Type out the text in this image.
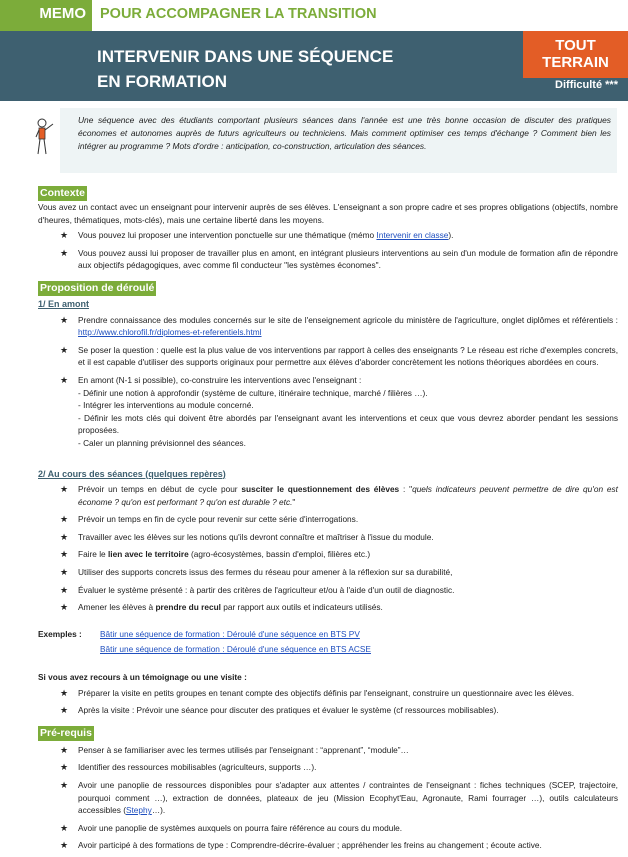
MEMO POUR ACCOMPAGNER LA TRANSITION
INTERVENIR DANS UNE SÉQUENCE
EN FORMATION
TOUT
TERRAIN
Difficulté ***
Une séquence avec des étudiants comportant plusieurs séances dans l'année est une très bonne occasion de discuter des pratiques économes et autonomes auprès de futurs agriculteurs ou techniciens. Mais comment optimiser ces temps d'échange ? Comment bien les intégrer au programme ? Mots d'ordre : anticipation, co-construction, articulation des séances.
Contexte
Vous avez un contact avec un enseignant pour intervenir auprès de ses élèves. L'enseignant a son propre cadre et ses propres obligations (objectifs, nombre d'heures, thématiques, mots-clés), mais une certaine liberté dans les moyens.
★ Vous pouvez lui proposer une intervention ponctuelle sur une thématique (mémo Intervenir en classe).
★ Vous pouvez aussi lui proposer de travailler plus en amont, en intégrant plusieurs interventions au sein d'un module de formation afin de répondre aux objectifs pédagogiques, avec comme fil conducteur "les systèmes économes".
Proposition de déroulé
1/ En amont
★ Prendre connaissance des modules concernés sur le site de l'enseignement agricole du ministère de l'agriculture, onglet diplômes et référentiels : http://www.chlorofil.fr/diplomes-et-referentiels.html
★ Se poser la question : quelle est la plus value de vos interventions par rapport à celles des enseignants ? Le réseau est riche d'exemples concrets, et il est capable d'utiliser des supports originaux pour permettre aux élèves d'aborder concrètement les notions théoriques abordées en cours.
★ En amont (N-1 si possible), co-construire les interventions avec l'enseignant :
- Définir une notion à approfondir (système de culture, itinéraire technique, marché / filières …).
- Intégrer les interventions au module concerné.
- Définir les mots clés qui doivent être abordés par l'enseignant avant les interventions et ceux que vous devrez aborder pendant les sessions proposées.
- Caler un planning prévisionnel des séances.
2/ Au cours des séances (quelques repères)
★ Prévoir un temps en début de cycle pour susciter le questionnement des élèves : "quels indicateurs peuvent permettre de dire qu'on est économe ? qu'on est performant ? qu'on est durable ? etc."
★ Prévoir un temps en fin de cycle pour revenir sur cette série d'interrogations.
★ Travailler avec les élèves sur les notions qu'ils devront connaître et maîtriser à l'issue du module.
★ Faire le lien avec le territoire (agro-écosystèmes, bassin d'emploi, filières etc.)
★ Utiliser des supports concrets issus des fermes du réseau pour amener à la réflexion sur sa durabilité,
★ Évaluer le système présenté : à partir des critères de l'agriculteur et/ou à l'aide d'un outil de diagnostic.
★ Amener les élèves à prendre du recul par rapport aux outils et indicateurs utilisés.
Exemples :	Bâtir une séquence de formation : Déroulé d'une séquence en BTS PV
Bâtir une séquence de formation : Déroulé d'une séquence en BTS ACSE
Si vous avez recours à un témoignage ou une visite :
★ Préparer la visite en petits groupes en tenant compte des objectifs définis par l'enseignant, construire un questionnaire avec les élèves.
★ Après la visite : Prévoir une séance pour discuter des pratiques et évaluer le système (cf ressources mobilisables).
Pré-requis
★ Penser à se familiariser avec les termes utilisés par l'enseignant : “apprenant”, “module”…
★ Identifier des ressources mobilisables (agriculteurs, supports …).
★ Avoir une panoplie de ressources disponibles pour s'adapter aux attentes / contraintes de l'enseignant : fiches techniques (SCEP, trajectoire, pourquoi comment …), extraction de données, plateaux de jeu (Mission Ecophyt'Eau, Agronaute, Rami fourrager …), outils calculateurs accessibles (Stephy…).
★ Avoir une panoplie de systèmes auxquels on pourra faire référence au cours du module.
★ Avoir participé à des formations de type : Comprendre-décrire-évaluer ; appréhender les freins au changement ; écoute active.
